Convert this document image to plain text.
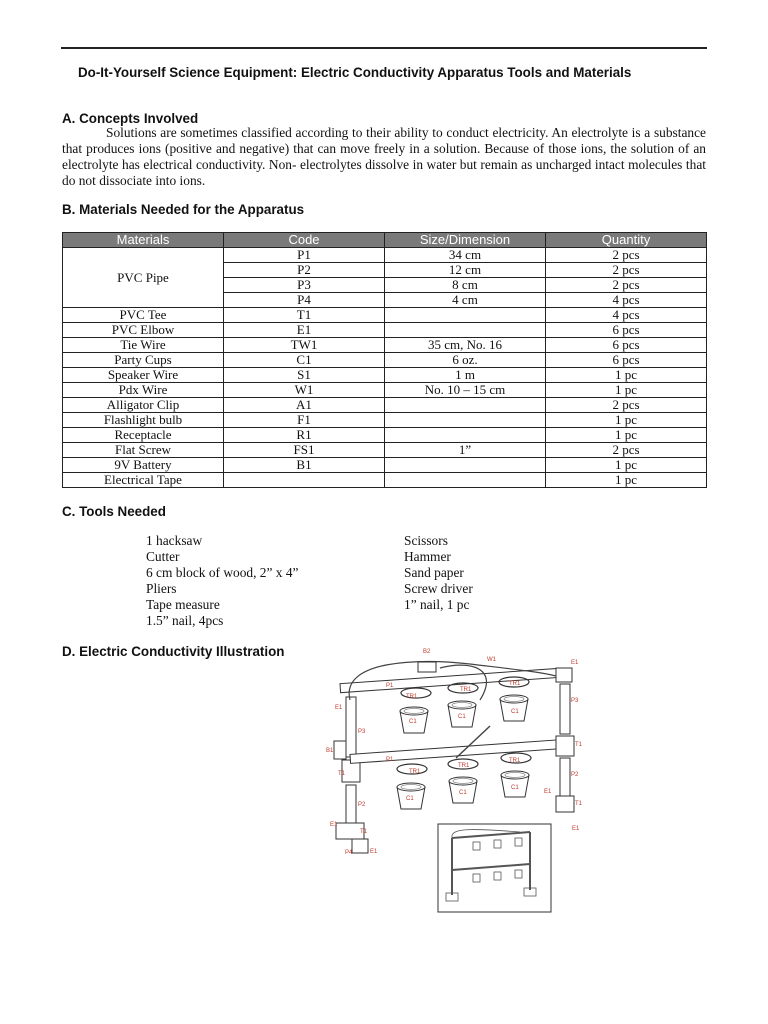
Do-It-Yourself Science Equipment: Electric Conductivity Apparatus Tools and Materials
A. Concepts Involved

Solutions are sometimes classified according to their ability to conduct electricity. An electrolyte is a substance that produces ions (positive and negative) that can move freely in a solution. Because of those ions, the solution of an electrolyte has electrical conductivity. Non- electrolytes dissolve in water but remain as uncharged intact molecules that do not dissociate into ions.

B. Materials Needed for the Apparatus
Materials	Code	Size/Dimension	Quantity
PVC Pipe	P1	34 cm	2 pcs
	P2	12 cm	2 pcs
	P3	8 cm	2 pcs
	P4	4 cm	4 pcs
PVC Tee	T1		4 pcs
PVC Elbow	E1		6 pcs
Tie Wire	TW1	35 cm, No. 16	6 pcs
Party Cups	C1	6 oz.	6 pcs
Speaker Wire	S1	1 m	1 pc
Pdx Wire	W1	No. 10 – 15 cm	1 pc
Alligator Clip	A1		2 pcs
Flashlight bulb	F1		1 pc
Receptacle	R1		1 pc
Flat Screw	FS1	1”	2 pcs
9V Battery	B1		1 pc
Electrical Tape			1 pc
C. Tools Needed
1 hacksaw
Cutter
6 cm block of wood, 2” x 4”
Pliers
Tape measure
1.5” nail, 4pcs
Scissors
Hammer
Sand paper
Screw driver
1” nail, 1 pc
D. Electric Conductivity Illustration	B2
W1	E1
P1
TR1
TR1
TR1
E1
P3
C1
C1
C1
P3
B1
T1
P1
T1	P2
TR1
TR1
TR1
C1
C1
C1
E1
P2	T1
E1
E1
T1
P4	E1
